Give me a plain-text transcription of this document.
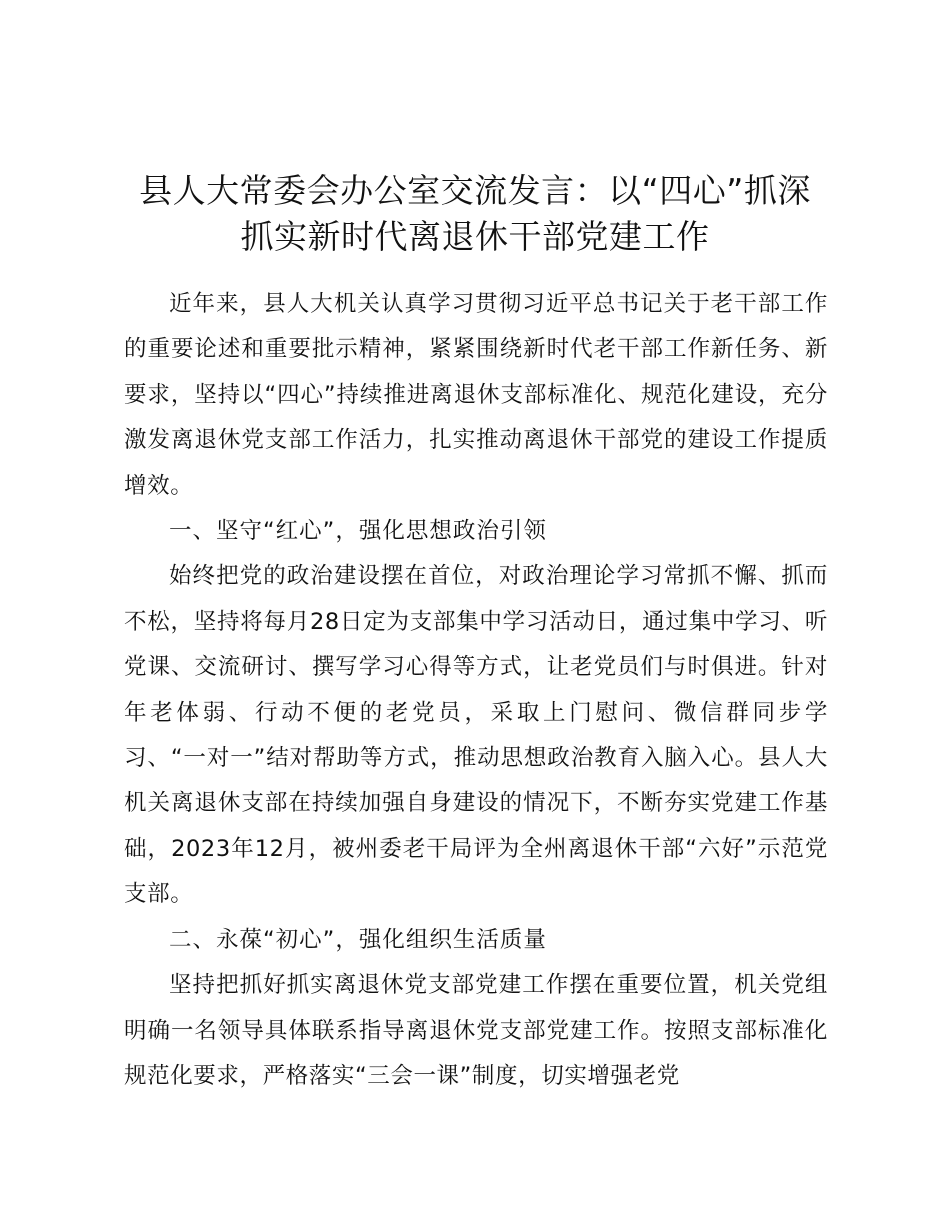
县人大常委会办公室交流发言：以“四心”抓深
抓实新时代离退休干部党建工作

近年来，县人大机关认真学习贯彻习近平总书记关于老干部工作的重要论述和重要批示精神，紧紧围绕新时代老干部工作新任务、新要求，坚持以“四心”持续推进离退休支部标准化、规范化建设，充分激发离退休党支部工作活力，扎实推动离退休干部党的建设工作提质增效。

一、坚守“红心”，强化思想政治引领

始终把党的政治建设摆在首位，对政治理论学习常抓不懈、抓而不松，坚持将每月28日定为支部集中学习活动日，通过集中学习、听党课、交流研讨、撰写学习心得等方式，让老党员们与时俱进。针对年老体弱、行动不便的老党员，采取上门慰问、微信群同步学习、“一对一”结对帮助等方式，推动思想政治教育入脑入心。县人大机关离退休支部在持续加强自身建设的情况下，不断夯实党建工作基础，2023年12月，被州委老干局评为全州离退休干部“六好”示范党支部。

二、永葆“初心”，强化组织生活质量

坚持把抓好抓实离退休党支部党建工作摆在重要位置，机关党组明确一名领导具体联系指导离退休党支部党建工作。按照支部标准化规范化要求，严格落实“三会一课”制度，切实增强老党
